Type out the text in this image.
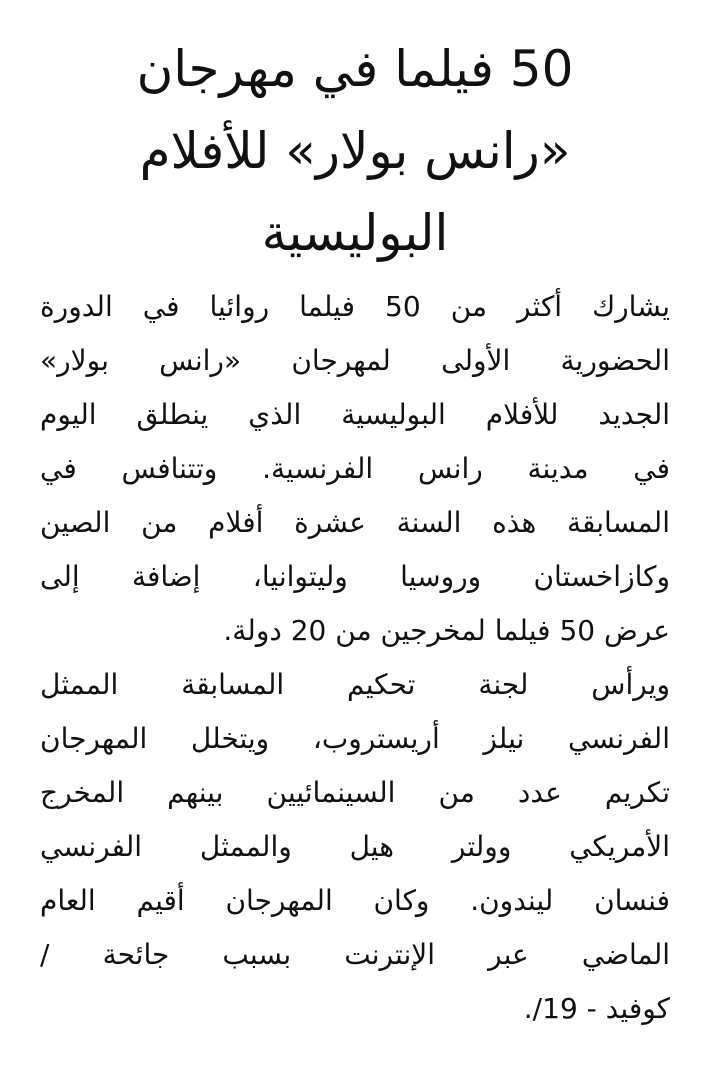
50 فيلما في مهرجان
«رانس بولار» للأفلام
البوليسية
يشارك أكثر من 50 فيلما روائيا في الدورة
الحضورية الأولى لمهرجان «رانس بولار»
الجديد للأفلام البوليسية الذي ينطلق اليوم
في مدينة رانس الفرنسية. وتتنافس في
المسابقة هذه السنة عشرة أفلام من الصين
وكازاخستان وروسيا وليتوانيا، إضافة إلى
عرض 50 فيلما لمخرجين من 20 دولة.
ويرأس لجنة تحكيم المسابقة الممثل
الفرنسي نيلز أريستروب، ويتخلل المهرجان
تكريم عدد من السينمائيين بينهم المخرج
الأمريكي وولتر هيل والممثل الفرنسي
فنسان ليندون. وكان المهرجان أقيم العام
الماضي عبر الإنترنت بسبب جائحة /
كوفيد - 19/.
